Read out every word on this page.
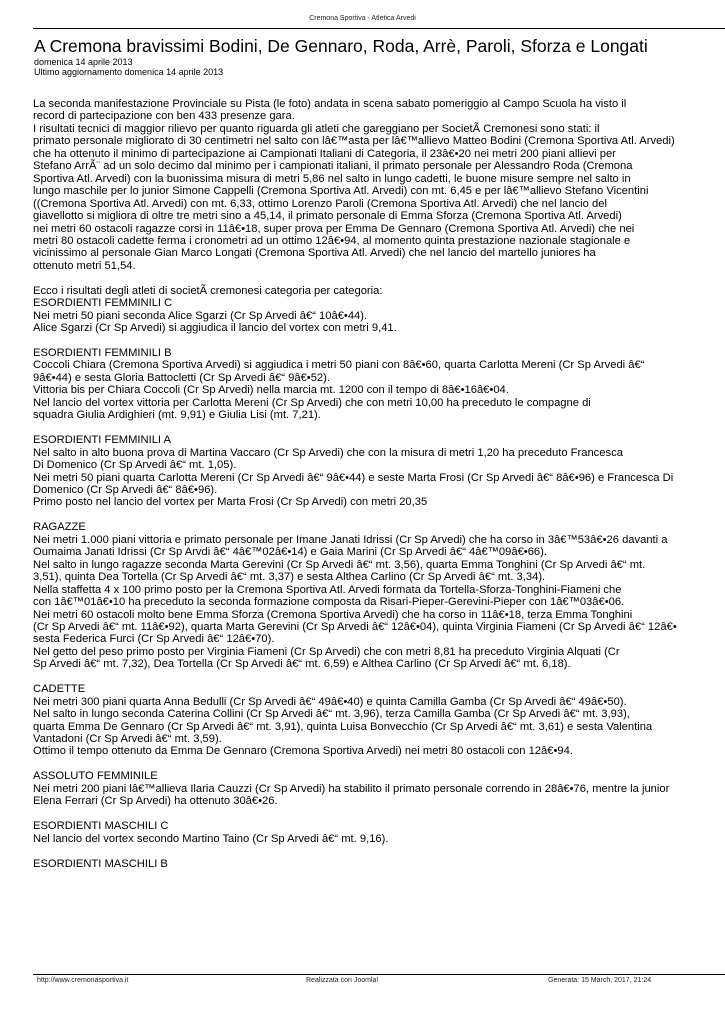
Cremona Sportiva - Atletica Arvedi
A Cremona bravissimi Bodini, De Gennaro, Roda, Arrè, Paroli, Sforza e Longati
domenica 14 aprile 2013
Ultimo aggiornamento domenica 14 aprile 2013
La seconda manifestazione Provinciale su Pista (le foto) andata in scena sabato pomeriggio al Campo Scuola ha visto il
record di partecipazione con ben 433 presenze gara.
I risultati tecnici di maggior rilievo per quanto riguarda gli atleti che gareggiano per SocietÃ Cremonesi sono stati: il
primato personale migliorato di 30 centimetri nel salto con lâ€™asta per lâ€™allievo Matteo Bodini (Cremona Sportiva Atl. Arvedi)
che ha ottenuto il minimo di partecipazione ai Campionati Italiani di Categoria, il 23â€•20 nei metri 200 piani allievi per
Stefano ArrÃ¨ ad un solo decimo dal minimo per i campionati italiani, il primato personale per Alessandro Roda (Cremona
Sportiva Atl. Arvedi) con la buonissima misura di metri 5,86 nel salto in lungo cadetti, le buone misure sempre nel salto in
lungo maschile per lo junior Simone Cappelli (Cremona Sportiva Atl. Arvedi) con mt. 6,45 e per lâ€™allievo Stefano Vicentini
((Cremona Sportiva Atl. Arvedi) con mt. 6,33, ottimo Lorenzo Paroli (Cremona Sportiva Atl. Arvedi) che nel lancio del
giavellotto si migliora di oltre tre metri sino a 45,14, il primato personale di Emma Sforza (Cremona Sportiva Atl. Arvedi)
nei metri 60 ostacoli ragazze corsi in 11â€•18, super prova per Emma De Gennaro (Cremona Sportiva Atl. Arvedi) che nei
metri 80 ostacoli cadette ferma i cronometri ad un ottimo 12â€•94, al momento quinta prestazione nazionale stagionale e
vicinissimo al personale Gian Marco Longati (Cremona Sportiva Atl. Arvedi) che nel lancio del martello juniores ha
ottenuto metri 51,54.
Ecco i risultati degli atleti di societÃ cremonesi categoria per categoria:
ESORDIENTI FEMMINILI C
Nei metri 50 piani seconda Alice Sgarzi (Cr Sp Arvedi â€“ 10â€•44).
Alice Sgarzi (Cr Sp Arvedi) si aggiudica il lancio del vortex con metri 9,41.
ESORDIENTI FEMMINILI B
Coccoli Chiara (Cremona Sportiva Arvedi) si aggiudica i metri 50 piani con 8â€•60, quarta Carlotta Mereni (Cr Sp Arvedi â€“
9â€•44) e sesta Gloria Battocletti (Cr Sp Arvedi â€“ 9â€•52).
Vittoria bis per Chiara Coccoli (Cr Sp Arvedi) nella marcia mt. 1200 con il tempo di 8â€•16â€•04.
Nel lancio del vortex vittoria per Carlotta Mereni (Cr Sp Arvedi) che con metri 10,00 ha preceduto le compagne di
squadra Giulia Ardighieri (mt. 9,91) e Giulia Lisi (mt. 7,21).
ESORDIENTI FEMMINILI A
Nel salto in alto buona prova di Martina Vaccaro (Cr Sp Arvedi) che con la misura di metri 1,20 ha preceduto Francesca
Di Domenico (Cr Sp Arvedi â€“ mt. 1,05).
Nei metri 50 piani quarta Carlotta Mereni (Cr Sp Arvedi â€“ 9â€•44) e seste Marta Frosi (Cr Sp Arvedi â€“ 8â€•96) e Francesca Di
Domenico (Cr Sp Arvedi â€“ 8â€•96).
Primo posto nel lancio del vortex per Marta Frosi (Cr Sp Arvedi) con metri 20,35
RAGAZZE
Nei metri 1.000 piani vittoria e primato personale per Imane Janati Idrissi (Cr Sp Arvedi) che ha corso in 3â€™53â€•26 davanti a
Oumaima Janati Idrissi (Cr Sp Arvdi â€“ 4â€™02â€•14) e Gaia Marini (Cr Sp Arvedi â€“ 4â€™09â€•66).
Nel salto in lungo ragazze seconda Marta Gerevini (Cr Sp Arvedi â€“ mt. 3,56), quarta Emma Tonghini (Cr Sp Arvedi â€“ mt.
3,51), quinta Dea Tortella (Cr Sp Arvedi â€“ mt. 3,37) e sesta Althea Carlino (Cr Sp Arvedi â€“ mt. 3,34).
Nella staffetta 4 x 100 primo posto per la Cremona Sportiva Atl. Arvedi formata da Tortella-Sforza-Tonghini-Fiameni che
con 1â€™01â€•10 ha preceduto la seconda formazione composta da Risari-Pieper-Gerevini-Pieper con 1â€™03â€•06.
Nei metri 60 ostacoli molto bene Emma Sforza (Cremona Sportiva Arvedi) che ha corso in 11â€•18, terza Emma Tonghini
(Cr Sp Arvedi â€“ mt. 11â€•92), quarta Marta Gerevini (Cr Sp Arvedi â€“ 12â€•04), quinta Virginia Fiameni (Cr Sp Arvedi â€“ 12â€•
sesta Federica Furci (Cr Sp Arvedi â€“ 12â€•70).
Nel getto del peso primo posto per Virginia Fiameni (Cr Sp Arvedi) che con metri 8,81 ha preceduto Virginia Alquati (Cr
Sp Arvedi â€“ mt. 7,32), Dea Tortella (Cr Sp Arvedi â€“ mt. 6,59) e Althea Carlino (Cr Sp Arvedi â€“ mt. 6,18).
CADETTE
Nei metri 300 piani quarta Anna Bedulli (Cr Sp Arvedi â€“ 49â€•40) e quinta Camilla Gamba (Cr Sp Arvedi â€“ 49â€•50).
Nel salto in lungo seconda Caterina Collini (Cr Sp Arvedi â€“ mt. 3,96), terza Camilla Gamba (Cr Sp Arvedi â€“ mt. 3,93),
quarta Emma De Gennaro (Cr Sp Arvedi â€“ mt. 3,91), quinta Luisa Bonvecchio (Cr Sp Arvedi â€“ mt. 3,61) e sesta Valentina
Vantadoni (Cr Sp Arvedi â€“ mt. 3,59).
Ottimo il tempo ottenuto da Emma De Gennaro (Cremona Sportiva Arvedi) nei metri 80 ostacoli con 12â€•94.
ASSOLUTO FEMMINILE
Nei metri 200 piani lâ€™allieva Ilaria Cauzzi (Cr Sp Arvedi) ha stabilito il primato personale correndo in 28â€•76, mentre la junior
Elena Ferrari (Cr Sp Arvedi) ha ottenuto 30â€•26.
ESORDIENTI MASCHILI C
Nel lancio del vortex secondo Martino Taino (Cr Sp Arvedi â€“ mt. 9,16).
ESORDIENTI MASCHILI B
http://www.cremonasportiva.it	Realizzata con Joomla!	Generata: 15 March, 2017, 21:24
